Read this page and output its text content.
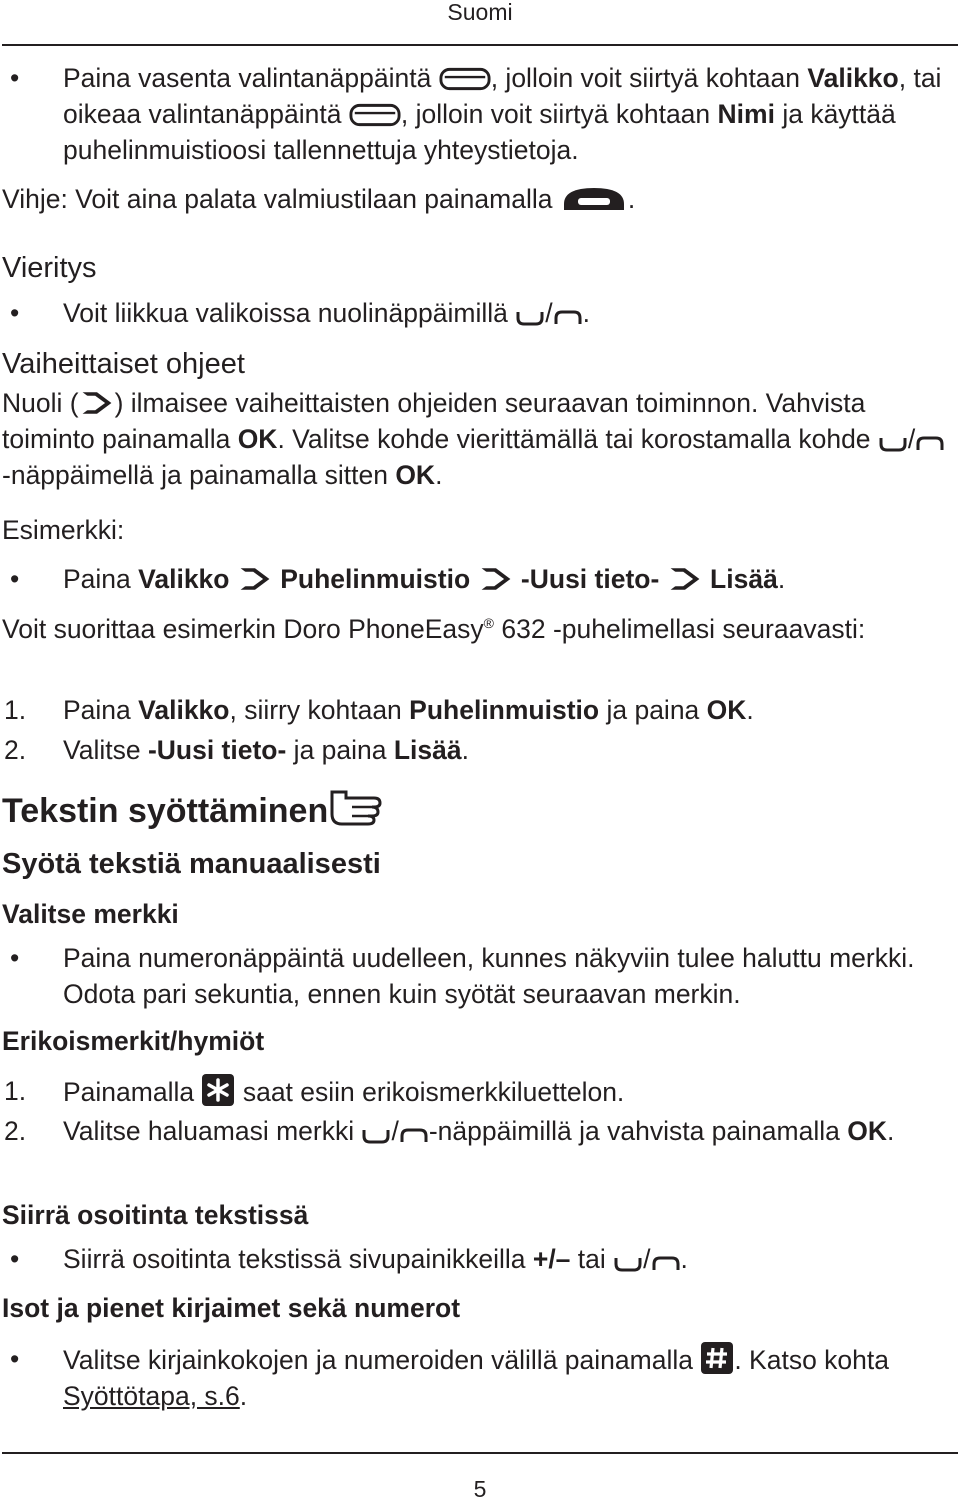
Suomi
• Paina vasenta valintanäppäintä , jolloin voit siirtyä kohtaan Valikko, tai oikeaa valintanäppäintä , jolloin voit siirtyä kohtaan Nimi ja käyttää puhelinmuistioosi tallennettuja yhteystietoja.
Vihje: Voit aina palata valmiustilaan painamalla	.
Vieritys
• Voit liikkua valikoissa nuolinäppäimillä / .
Vaiheittaiset ohjeet
Nuoli ( ) ilmaisee vaiheittaisten ohjeiden seuraavan toiminnon. Vahvista toiminto painamalla OK. Valitse kohde vierittämällä tai korostamalla kohde /-näppäimellä ja painamalla sitten OK.
Esimerkki:
• Paina Valikko Puhelinmuistio -Uusi tieto- Lisää.
Voit suorittaa esimerkin Doro PhoneEasy® 632 -puhelimellasi seuraavasti:
1. Paina Valikko, siirry kohtaan Puhelinmuistio ja paina OK.
2. Valitse -Uusi tieto- ja paina Lisää.
Tekstin syöttäminen
Syötä tekstiä manuaalisesti
Valitse merkki
• Paina numeronäppäintä uudelleen, kunnes näkyviin tulee haluttu merkki. Odota pari sekuntia, ennen kuin syötät seuraavan merkin.
Erikoismerkit/hymiöt
1. Painamalla  saat esiin erikoismerkkiluettelon.
2. Valitse haluamasi merkki / -näppäimillä ja vahvista painamalla OK.
Siirrä osoitinta tekstissä
• Siirrä osoitinta tekstissä sivupainikkeilla +/– tai / .
Isot ja pienet kirjaimet sekä numerot
• Valitse kirjainkokojen ja numeroiden välillä painamalla . Katso kohta Syöttötapa, s.6.
5
